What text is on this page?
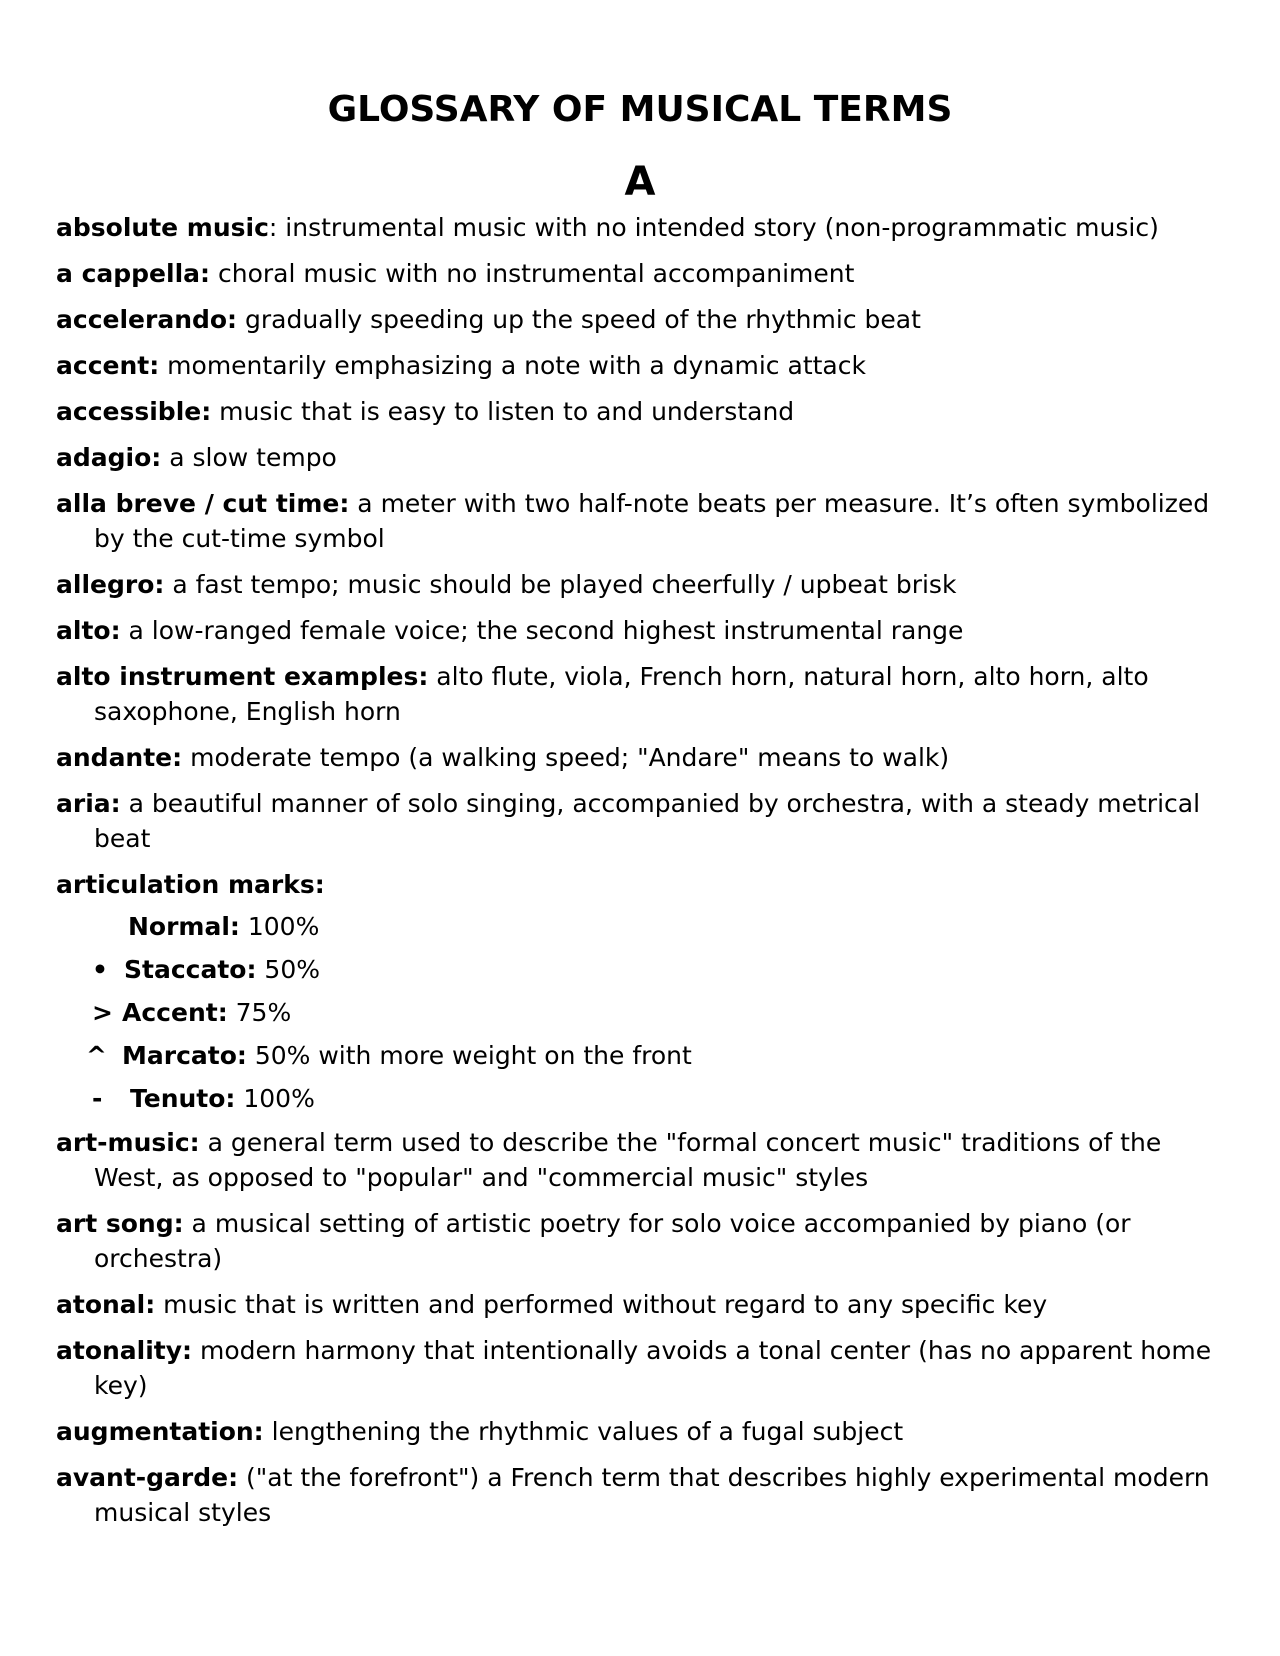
GLOSSARY OF MUSICAL TERMS
A

absolute music: instrumental music with no intended story (non-programmatic music)

a cappella: choral music with no instrumental accompaniment

accelerando: gradually speeding up the speed of the rhythmic beat

accent: momentarily emphasizing a note with a dynamic attack

accessible: music that is easy to listen to and understand

adagio: a slow tempo

alla breve / cut time: a meter with two half-note beats per measure. It’s often symbolized by the cut-time symbol

allegro: a fast tempo; music should be played cheerfully / upbeat brisk

alto: a low-ranged female voice; the second highest instrumental range

alto instrument examples: alto flute, viola, French horn, natural horn, alto horn, alto saxophone, English horn

andante: moderate tempo (a walking speed; "Andare" means to walk)

aria: a beautiful manner of solo singing, accompanied by orchestra, with a steady metrical beat

articulation marks:

Normal: 100%
• Staccato: 50%
> Accent: 75%
^ Marcato: 50% with more weight on the front
- Tenuto: 100%

art-music: a general term used to describe the "formal concert music" traditions of the West, as opposed to "popular" and "commercial music" styles

art song: a musical setting of artistic poetry for solo voice accompanied by piano (or orchestra)

atonal: music that is written and performed without regard to any specific key

atonality: modern harmony that intentionally avoids a tonal center (has no apparent home key)

augmentation: lengthening the rhythmic values of a fugal subject

avant-garde: ("at the forefront") a French term that describes highly experimental modern musical styles
